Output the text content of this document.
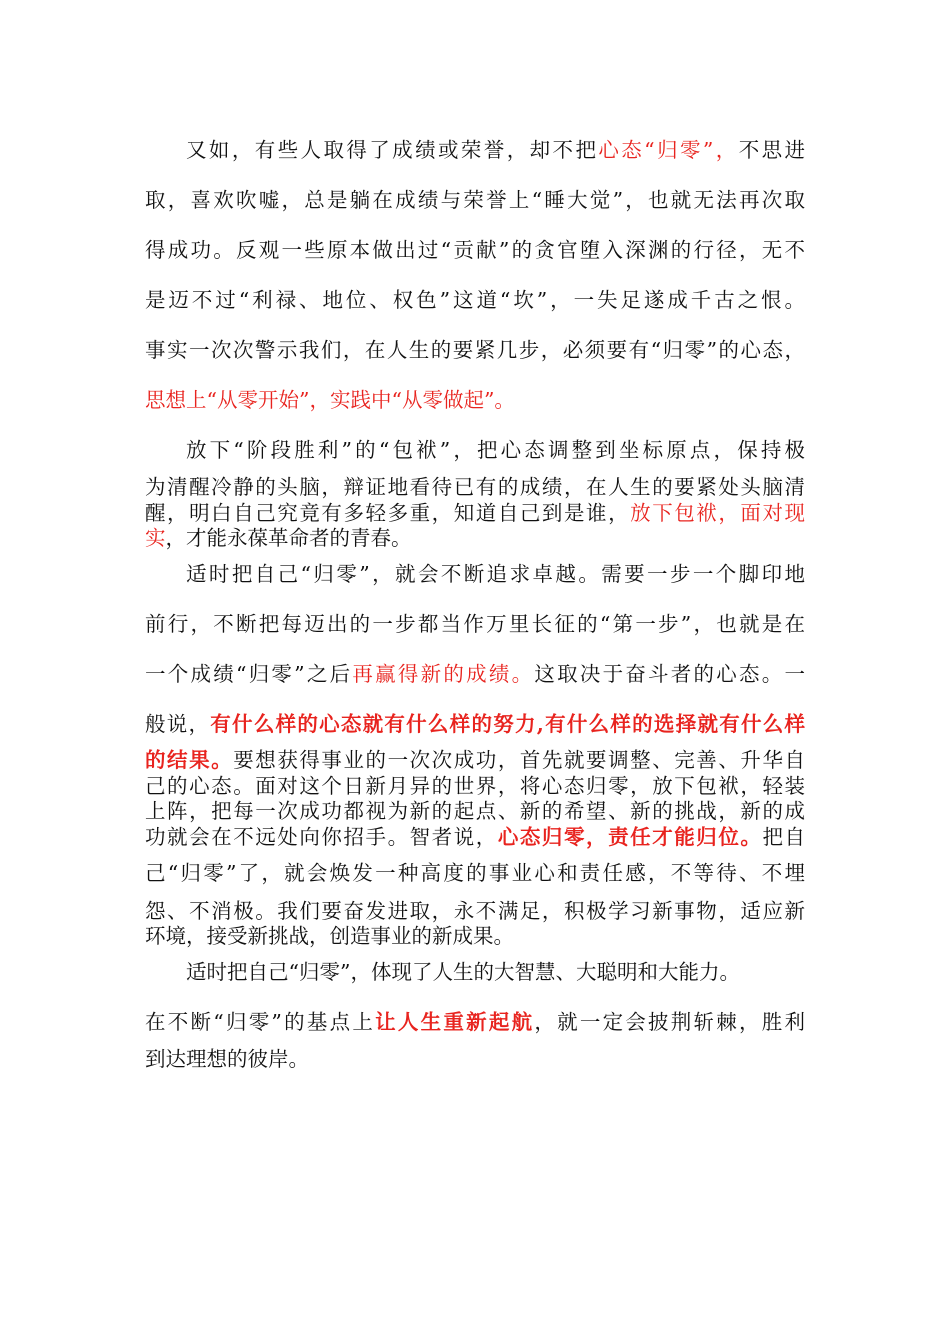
又如，有些人取得了成绩或荣誉，却不把心态“归零”，不思进
取，喜欢吹嘘，总是躺在成绩与荣誉上“睡大觉”，也就无法再次取
得成功。反观一些原本做出过“贡献”的贪官堕入深渊的行径，无不
是迈不过“利禄、地位、权色”这道“坎”，一失足遂成千古之恨。
事实一次次警示我们，在人生的要紧几步，必须要有“归零”的心态，
思想上“从零开始”，实践中“从零做起”。
放下“阶段胜利”的“包袱”，把心态调整到坐标原点，保持极
为清醒冷静的头脑，辩证地看待已有的成绩，在人生的要紧处头脑清
醒，明白自己究竟有多轻多重，知道自己到是谁，放下包袱，面对现
实，才能永葆革命者的青春。
适时把自己“归零”，就会不断追求卓越。需要一步一个脚印地
前行，不断把每迈出的一步都当作万里长征的“第一步”，也就是在
一个成绩“归零”之后再赢得新的成绩。这取决于奋斗者的心态。一
般说，有什么样的心态就有什么样的努力,有什么样的选择就有什么样
的结果。要想获得事业的一次次成功，首先就要调整、完善、升华自
己的心态。面对这个日新月异的世界，将心态归零，放下包袱，轻装
上阵，把每一次成功都视为新的起点、新的希望、新的挑战，新的成
功就会在不远处向你招手。智者说，心态归零，责任才能归位。把自
己“归零”了，就会焕发一种高度的事业心和责任感，不等待、不埋
怨、不消极。我们要奋发进取，永不满足，积极学习新事物，适应新
环境，接受新挑战，创造事业的新成果。
适时把自己“归零”，体现了人生的大智慧、大聪明和大能力。
在不断“归零”的基点上让人生重新起航，就一定会披荆斩棘，胜利
到达理想的彼岸。
